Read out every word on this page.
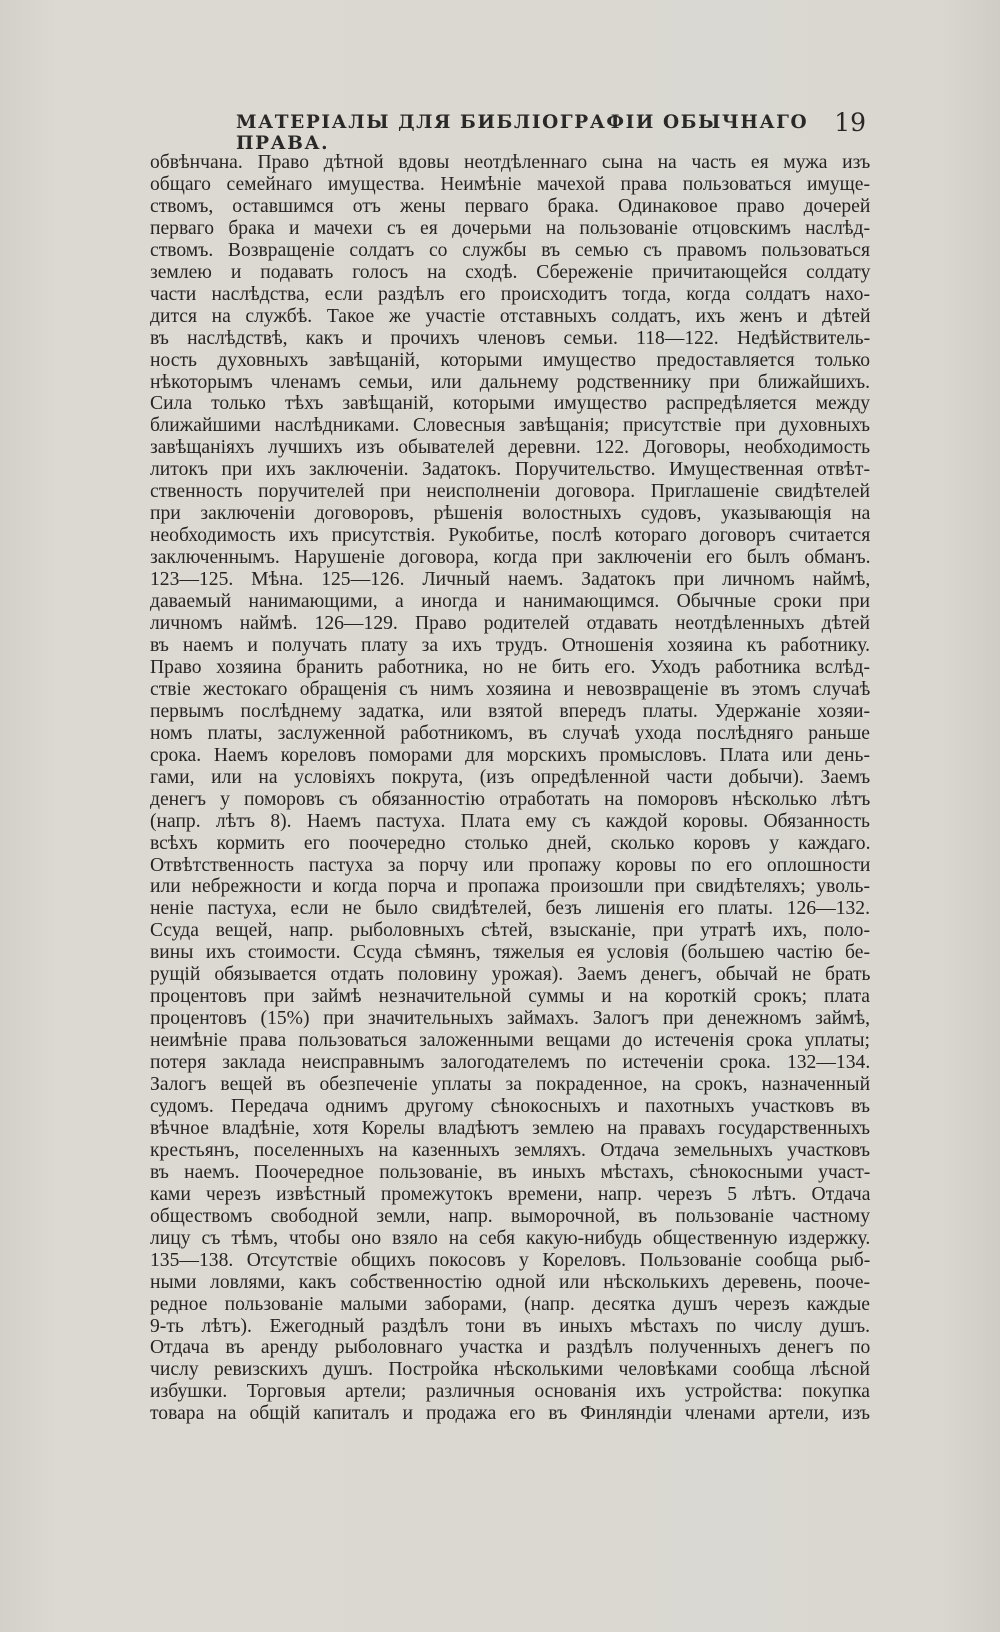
МАТЕРІАЛЫ ДЛЯ БИБЛІОГРАФІИ ОБЫЧНАГО ПРАВА.
19
обвѣнчана. Право дѣтной вдовы неотдѣленнаго сына на часть ея мужа изъ
общаго семейнаго имущества. Неимѣніе мачехой права пользоваться имуще-
ствомъ, оставшимся отъ жены перваго брака. Одинаковое право дочерей
перваго брака и мачехи съ ея дочерьми на пользованіе отцовскимъ наслѣд-
ствомъ. Возвращеніе солдатъ со службы въ семью съ правомъ пользоваться
землею и подавать голосъ на сходѣ. Сбереженіе причитающейся солдату
части наслѣдства, если раздѣлъ его происходитъ тогда, когда солдатъ нахо-
дится на службѣ. Такое же участіе отставныхъ солдатъ, ихъ женъ и дѣтей
въ наслѣдствѣ, какъ и прочихъ членовъ семьи. 118—122. Недѣйствитель-
ность духовныхъ завѣщаній, которыми имущество предоставляется только
нѣкоторымъ членамъ семьи, или дальнему родственнику при ближайшихъ.
Сила только тѣхъ завѣщаній, которыми имущество распредѣляется между
ближайшими наслѣдниками. Словесныя завѣщанія; присутствіе при духовныхъ
завѣщаніяхъ лучшихъ изъ обывателей деревни. 122. Договоры, необходимость
литокъ при ихъ заключеніи. Задатокъ. Поручительство. Имущественная отвѣт-
ственность поручителей при неисполненіи договора. Приглашеніе свидѣтелей
при заключеніи договоровъ, рѣшенія волостныхъ судовъ, указывающія на
необходимость ихъ присутствія. Рукобитье, послѣ котораго договоръ считается
заключеннымъ. Нарушеніе договора, когда при заключеніи его былъ обманъ.
123—125. Мѣна. 125—126. Личный наемъ. Задатокъ при личномъ наймѣ,
даваемый нанимающими, а иногда и нанимающимся. Обычные сроки при
личномъ наймѣ. 126—129. Право родителей отдавать неотдѣленныхъ дѣтей
въ наемъ и получать плату за ихъ трудъ. Отношенія хозяина къ работнику.
Право хозяина бранить работника, но не бить его. Уходъ работника вслѣд-
ствіе жестокаго обращенія съ нимъ хозяина и невозвращеніе въ этомъ случаѣ
первымъ послѣднему задатка, или взятой впередъ платы. Удержаніе хозяи-
номъ платы, заслуженной работникомъ, въ случаѣ ухода послѣдняго раньше
срока. Наемъ кореловъ поморами для морскихъ промысловъ. Плата или день-
гами, или на условіяхъ покрута, (изъ опредѣленной части добычи). Заемъ
денегъ у поморовъ съ обязанностію отработать на поморовъ нѣсколько лѣтъ
(напр. лѣтъ 8). Наемъ пастуха. Плата ему съ каждой коровы. Обязанность
всѣхъ кормить его поочередно столько дней, сколько коровъ у каждаго.
Отвѣтственность пастуха за порчу или пропажу коровы по его оплошности
или небрежности и когда порча и пропажа произошли при свидѣтеляхъ; уволь-
неніе пастуха, если не было свидѣтелей, безъ лишенія его платы. 126—132.
Ссуда вещей, напр. рыболовныхъ сѣтей, взысканіе, при утратѣ ихъ, поло-
вины ихъ стоимости. Ссуда сѣмянъ, тяжелыя ея условія (большею частію бе-
рущій обязывается отдать половину урожая). Заемъ денегъ, обычай не брать
процентовъ при займѣ незначительной суммы и на короткій срокъ; плата
процентовъ (15%) при значительныхъ займахъ. Залогъ при денежномъ займѣ,
неимѣніе права пользоваться заложенными вещами до истеченія срока уплаты;
потеря заклада неисправнымъ залогодателемъ по истеченіи срока. 132—134.
Залогъ вещей въ обезпеченіе уплаты за покраденное, на срокъ, назначенный
судомъ. Передача однимъ другому сѣнокосныхъ и пахотныхъ участковъ въ
вѣчное владѣніе, хотя Корелы владѣютъ землею на правахъ государственныхъ
крестьянъ, поселенныхъ на казенныхъ земляхъ. Отдача земельныхъ участковъ
въ наемъ. Поочередное пользованіе, въ иныхъ мѣстахъ, сѣнокосными участ-
ками черезъ извѣстный промежутокъ времени, напр. черезъ 5 лѣтъ. Отдача
обществомъ свободной земли, напр. выморочной, въ пользованіе частному
лицу съ тѣмъ, чтобы оно взяло на себя какую-нибудь общественную издержку.
135—138. Отсутствіе общихъ покосовъ у Кореловъ. Пользованіе сообща рыб-
ными ловлями, какъ собственностію одной или нѣсколькихъ деревень, пооче-
редное пользованіе малыми заборами, (напр. десятка душъ черезъ каждые
9-ть лѣтъ). Ежегодный раздѣлъ тони въ иныхъ мѣстахъ по числу душъ.
Отдача въ аренду рыболовнаго участка и раздѣлъ полученныхъ денегъ по
числу ревизскихъ душъ. Постройка нѣсколькими человѣками сообща лѣсной
избушки. Торговыя артели; различныя основанія ихъ устройства: покупка
товара на общій капиталъ и продажа его въ Финляндіи членами артели, изъ
